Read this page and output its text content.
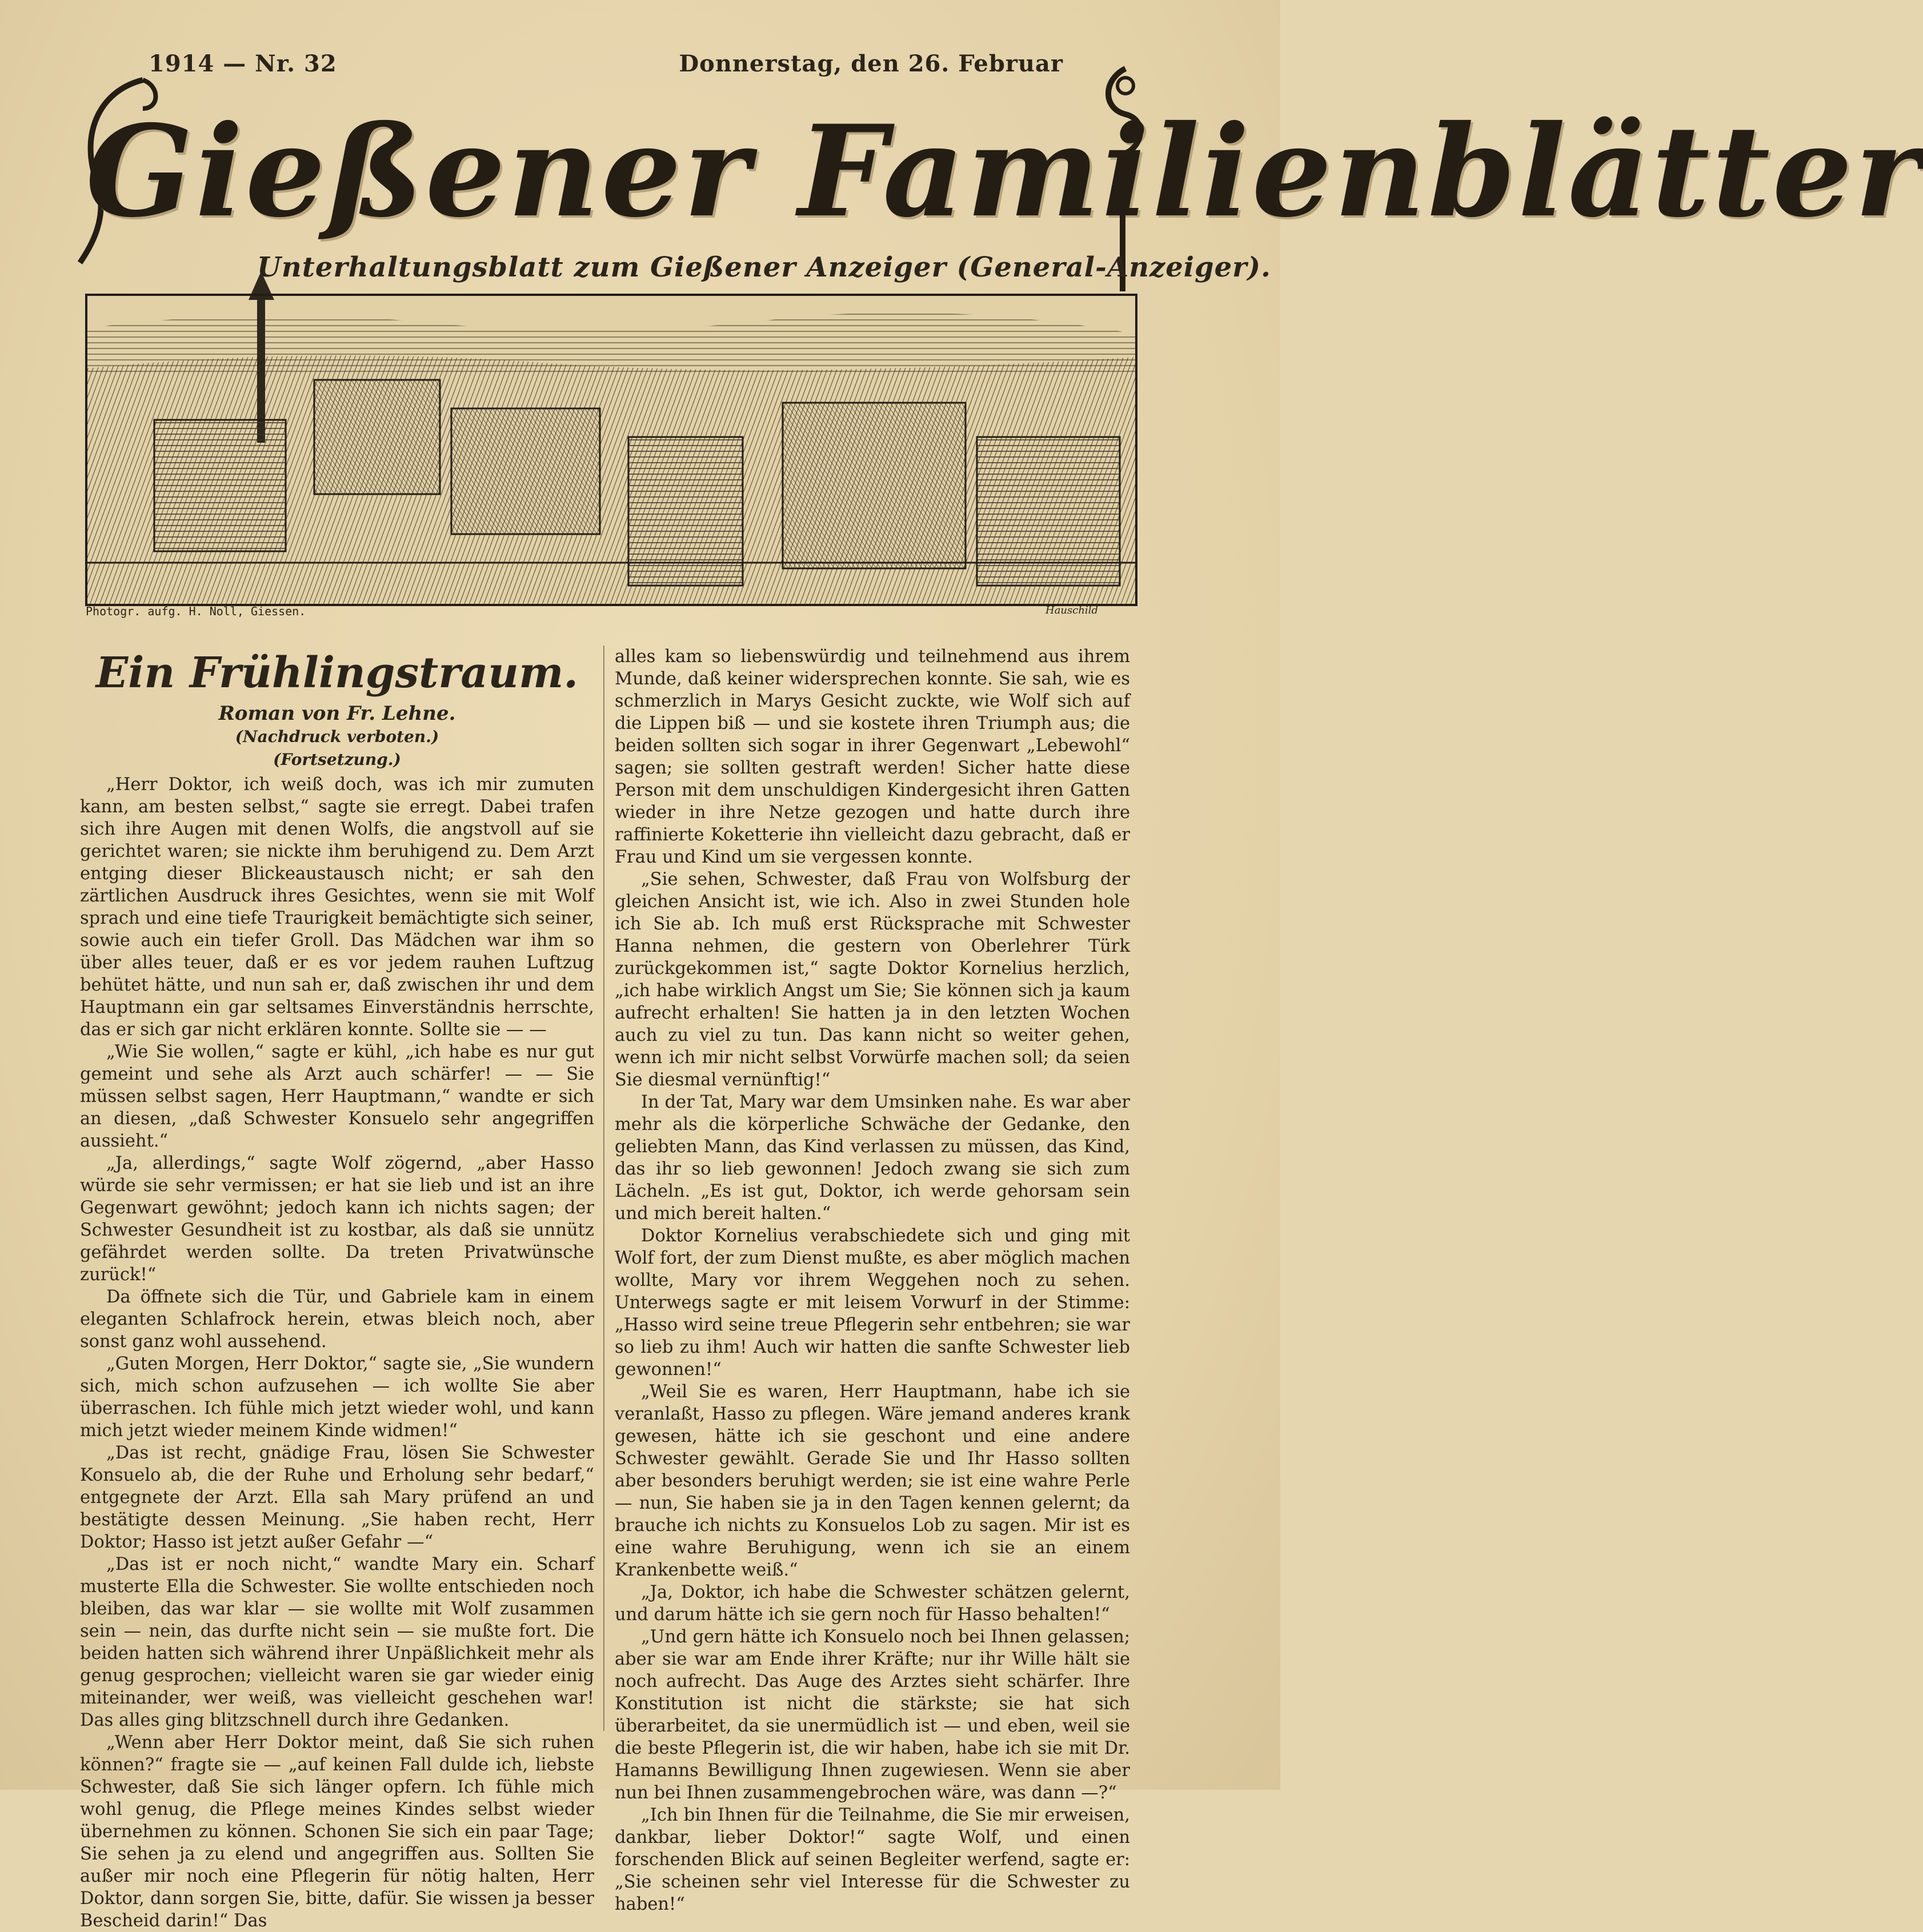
1914 — Nr. 32	Donnerstag, den 26. Februar
Gießener Familienblätter
Unterhaltungsblatt zum Gießener Anzeiger (General-Anzeiger).
Photogr. aufg. H. Noll, Giessen.	Hauschild
Ein Frühlingstraum.
Roman von Fr. Lehne.
(Nachdruck verboten.)
(Fortsetzung.)

„Herr Doktor, ich weiß doch, was ich mir zumuten kann, am besten selbst,“ sagte sie erregt. Dabei trafen sich ihre Augen mit denen Wolfs, die angstvoll auf sie gerichtet waren; sie nickte ihm beruhigend zu. Dem Arzt entging dieser Blickeaustausch nicht; er sah den zärtlichen Ausdruck ihres Gesichtes, wenn sie mit Wolf sprach und eine tiefe Traurigkeit bemächtigte sich seiner, sowie auch ein tiefer Groll. Das Mädchen war ihm so über alles teuer, daß er es vor jedem rauhen Luftzug behütet hätte, und nun sah er, daß zwischen ihr und dem Hauptmann ein gar seltsames Einverständnis herrschte, das er sich gar nicht erklären konnte. Sollte sie — —

„Wie Sie wollen,“ sagte er kühl, „ich habe es nur gut gemeint und sehe als Arzt auch schärfer! — — Sie müssen selbst sagen, Herr Hauptmann,“ wandte er sich an diesen, „daß Schwester Konsuelo sehr angegriffen aussieht.“

„Ja, allerdings,“ sagte Wolf zögernd, „aber Hasso würde sie sehr vermissen; er hat sie lieb und ist an ihre Gegenwart gewöhnt; jedoch kann ich nichts sagen; der Schwester Gesundheit ist zu kostbar, als daß sie unnütz gefährdet werden sollte. Da treten Privatwünsche zurück!“

Da öffnete sich die Tür, und Gabriele kam in einem eleganten Schlafrock herein, etwas bleich noch, aber sonst ganz wohl aussehend.

„Guten Morgen, Herr Doktor,“ sagte sie, „Sie wundern sich, mich schon aufzusehen — ich wollte Sie aber überraschen. Ich fühle mich jetzt wieder wohl, und kann mich jetzt wieder meinem Kinde widmen!“

„Das ist recht, gnädige Frau, lösen Sie Schwester Konsuelo ab, die der Ruhe und Erholung sehr bedarf,“ entgegnete der Arzt. Ella sah Mary prüfend an und bestätigte dessen Meinung. „Sie haben recht, Herr Doktor; Hasso ist jetzt außer Gefahr —“

„Das ist er noch nicht,“ wandte Mary ein. Scharf musterte Ella die Schwester. Sie wollte entschieden noch bleiben, das war klar — sie wollte mit Wolf zusammen sein — nein, das durfte nicht sein — sie mußte fort. Die beiden hatten sich während ihrer Unpäßlichkeit mehr als genug gesprochen; vielleicht waren sie gar wieder einig miteinander, wer weiß, was vielleicht geschehen war! Das alles ging blitzschnell durch ihre Gedanken.

„Wenn aber Herr Doktor meint, daß Sie sich ruhen können?“ fragte sie — „auf keinen Fall dulde ich, liebste Schwester, daß Sie sich länger opfern. Ich fühle mich wohl genug, die Pflege meines Kindes selbst wieder übernehmen zu können. Schonen Sie sich ein paar Tage; Sie sehen ja zu elend und angegriffen aus. Sollten Sie außer mir noch eine Pflegerin für nötig halten, Herr Doktor, dann sorgen Sie, bitte, dafür. Sie wissen ja besser Bescheid darin!“ Das

alles kam so liebenswürdig und teilnehmend aus ihrem Munde, daß keiner widersprechen konnte. Sie sah, wie es schmerzlich in Marys Gesicht zuckte, wie Wolf sich auf die Lippen biß — und sie kostete ihren Triumph aus; die beiden sollten sich sogar in ihrer Gegenwart „Lebewohl“ sagen; sie sollten gestraft werden! Sicher hatte diese Person mit dem unschuldigen Kindergesicht ihren Gatten wieder in ihre Netze gezogen und hatte durch ihre raffinierte Koketterie ihn vielleicht dazu gebracht, daß er Frau und Kind um sie vergessen konnte.

„Sie sehen, Schwester, daß Frau von Wolfsburg der gleichen Ansicht ist, wie ich. Also in zwei Stunden hole ich Sie ab. Ich muß erst Rücksprache mit Schwester Hanna nehmen, die gestern von Oberlehrer Türk zurückgekommen ist,“ sagte Doktor Kornelius herzlich, „ich habe wirklich Angst um Sie; Sie können sich ja kaum aufrecht erhalten! Sie hatten ja in den letzten Wochen auch zu viel zu tun. Das kann nicht so weiter gehen, wenn ich mir nicht selbst Vorwürfe machen soll; da seien Sie diesmal vernünftig!“

In der Tat, Mary war dem Umsinken nahe. Es war aber mehr als die körperliche Schwäche der Gedanke, den geliebten Mann, das Kind verlassen zu müssen, das Kind, das ihr so lieb gewonnen! Jedoch zwang sie sich zum Lächeln. „Es ist gut, Doktor, ich werde gehorsam sein und mich bereit halten.“

Doktor Kornelius verabschiedete sich und ging mit Wolf fort, der zum Dienst mußte, es aber möglich machen wollte, Mary vor ihrem Weggehen noch zu sehen. Unterwegs sagte er mit leisem Vorwurf in der Stimme: „Hasso wird seine treue Pflegerin sehr entbehren; sie war so lieb zu ihm! Auch wir hatten die sanfte Schwester lieb gewonnen!“

„Weil Sie es waren, Herr Hauptmann, habe ich sie veranlaßt, Hasso zu pflegen. Wäre jemand anderes krank gewesen, hätte ich sie geschont und eine andere Schwester gewählt. Gerade Sie und Ihr Hasso sollten aber besonders beruhigt werden; sie ist eine wahre Perle — nun, Sie haben sie ja in den Tagen kennen gelernt; da brauche ich nichts zu Konsuelos Lob zu sagen. Mir ist es eine wahre Beruhigung, wenn ich sie an einem Krankenbette weiß.“

„Ja, Doktor, ich habe die Schwester schätzen gelernt, und darum hätte ich sie gern noch für Hasso behalten!“

„Und gern hätte ich Konsuelo noch bei Ihnen gelassen; aber sie war am Ende ihrer Kräfte; nur ihr Wille hält sie noch aufrecht. Das Auge des Arztes sieht schärfer. Ihre Konstitution ist nicht die stärkste; sie hat sich überarbeitet, da sie unermüdlich ist — und eben, weil sie die beste Pflegerin ist, die wir haben, habe ich sie mit Dr. Hamanns Bewilligung Ihnen zugewiesen. Wenn sie aber nun bei Ihnen zusammengebrochen wäre, was dann —?“

„Ich bin Ihnen für die Teilnahme, die Sie mir erweisen, dankbar, lieber Doktor!“ sagte Wolf, und einen forschenden Blick auf seinen Begleiter werfend, sagte er: „Sie scheinen sehr viel Interesse für die Schwester zu haben!“
